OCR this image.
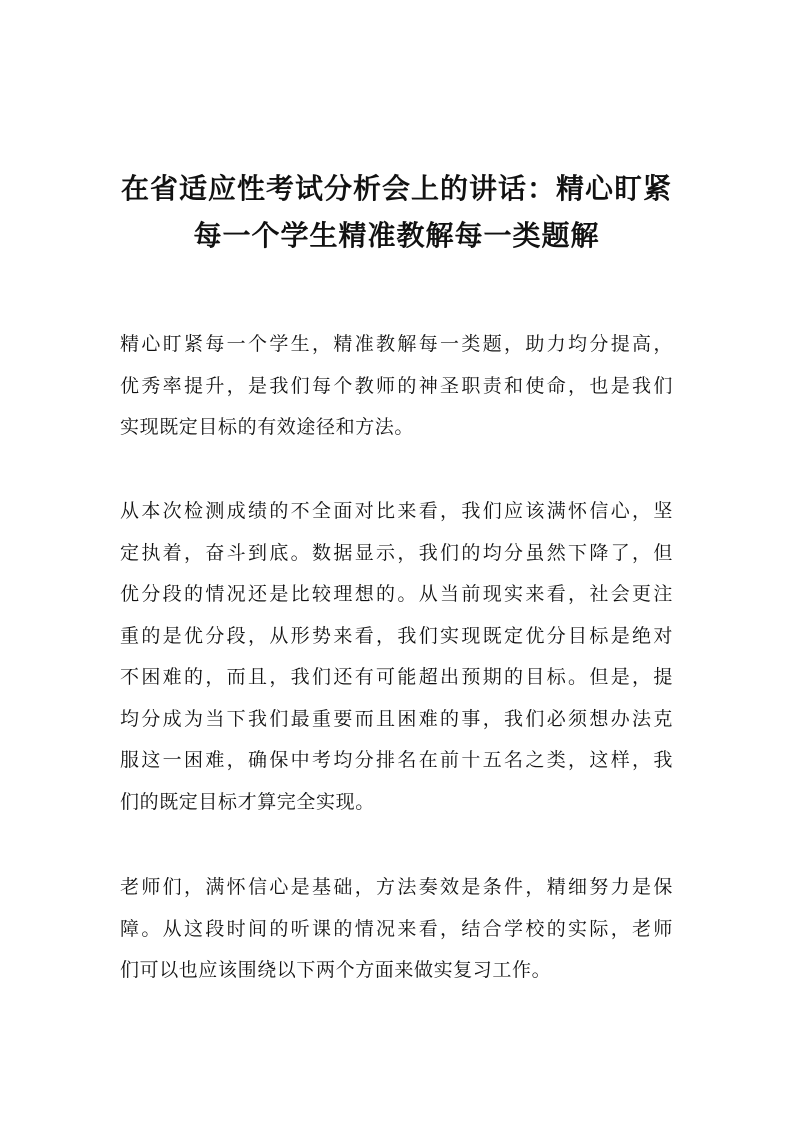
在省适应性考试分析会上的讲话：精心盯紧
每一个学生精准教解每一类题解

精心盯紧每一个学生，精准教解每一类题，助力均分提高，
优秀率提升，是我们每个教师的神圣职责和使命，也是我们
实现既定目标的有效途径和方法。

从本次检测成绩的不全面对比来看，我们应该满怀信心，坚
定执着，奋斗到底。数据显示，我们的均分虽然下降了，但
优分段的情况还是比较理想的。从当前现实来看，社会更注
重的是优分段，从形势来看，我们实现既定优分目标是绝对
不困难的，而且，我们还有可能超出预期的目标。但是，提
均分成为当下我们最重要而且困难的事，我们必须想办法克
服这一困难，确保中考均分排名在前十五名之类，这样，我
们的既定目标才算完全实现。

老师们，满怀信心是基础，方法奏效是条件，精细努力是保
障。从这段时间的听课的情况来看，结合学校的实际，老师
们可以也应该围绕以下两个方面来做实复习工作。
